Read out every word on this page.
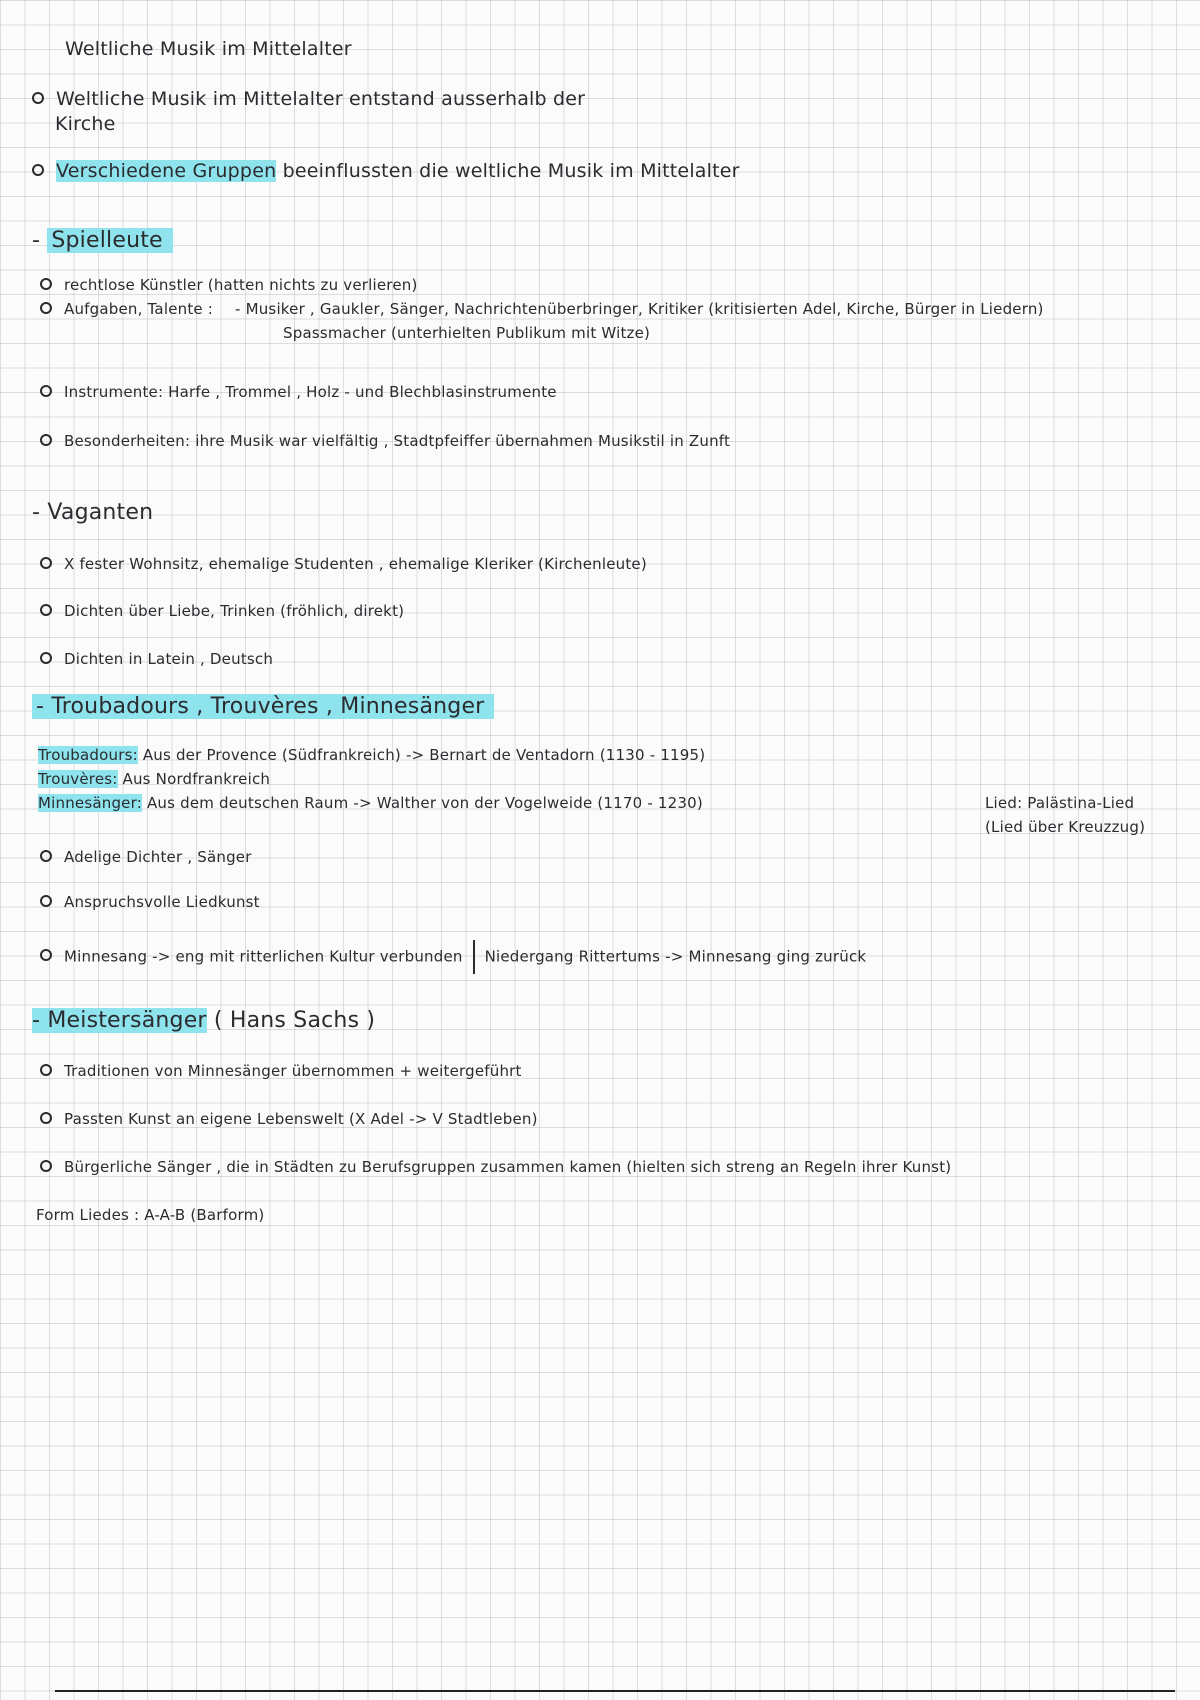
Weltliche Musik im Mittelalter
Weltliche Musik im Mittelalter entstand ausserhalb der
Kirche
Verschiedene Gruppen beeinflussten die weltliche Musik im Mittelalter
- Spielleute
rechtlose Künstler (hatten nichts zu verlieren)
Aufgaben, Talente : - Musiker , Gaukler, Sänger, Nachrichtenüberbringer, Kritiker (kritisierten Adel, Kirche, Bürger in Liedern)
Spassmacher (unterhielten Publikum mit Witze)
Instrumente: Harfe , Trommel , Holz - und Blechblasinstrumente
Besonderheiten: ihre Musik war vielfältig , Stadtpfeiffer übernahmen Musikstil in Zunft
- Vaganten
X fester Wohnsitz, ehemalige Studenten , ehemalige Kleriker (Kirchenleute)
Dichten über Liebe, Trinken (fröhlich, direkt)
Dichten in Latein , Deutsch
- Troubadours , Trouvères , Minnesänger
Troubadours: Aus der Provence (Südfrankreich) -> Bernart de Ventadorn (1130 - 1195)
Trouvères: Aus Nordfrankreich
Minnesänger: Aus dem deutschen Raum -> Walther von der Vogelweide (1170 - 1230)	Lied: Palästina-Lied
(Lied über Kreuzzug)
Adelige Dichter , Sänger
Anspruchsvolle Liedkunst
Minnesang -> eng mit ritterlichen Kultur verbunden Niedergang Rittertums -> Minnesang ging zurück
- Meistersänger ( Hans Sachs )
Traditionen von Minnesänger übernommen + weitergeführt
Passten Kunst an eigene Lebenswelt (X Adel -> V Stadtleben)
Bürgerliche Sänger , die in Städten zu Berufsgruppen zusammen kamen (hielten sich streng an Regeln ihrer Kunst)
Form Liedes : A-A-B (Barform)
